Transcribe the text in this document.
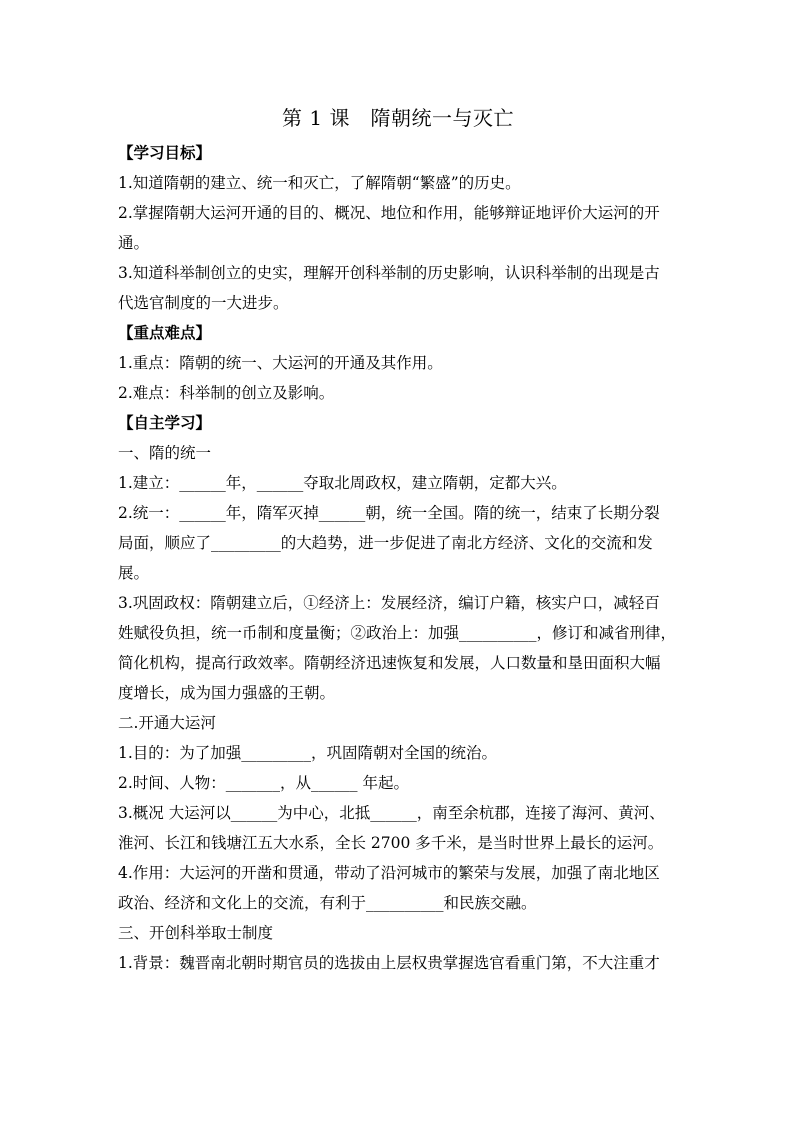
第 1 课　隋朝统一与灭亡
【学习目标】
1.知道隋朝的建立、统一和灭亡，了解隋朝“繁盛”的历史。
2.掌握隋朝大运河开通的目的、概况、地位和作用，能够辩证地评价大运河的开
通。
3.知道科举制创立的史实，理解开创科举制的历史影响，认识科举制的出现是古
代选官制度的一大进步。
【重点难点】
1.重点：隋朝的统一、大运河的开通及其作用。
2.难点：科举制的创立及影响。
【自主学习】
一、隋的统一
1.建立：______年，______夺取北周政权，建立隋朝，定都大兴。
2.统一：______年，隋军灭掉______朝，统一全国。隋的统一，结束了长期分裂
局面，顺应了_________的大趋势，进一步促进了南北方经济、文化的交流和发
展。
3.巩固政权：隋朝建立后，①经济上：发展经济，编订户籍，核实户口，减轻百
姓赋役负担，统一币制和度量衡；②政治上：加强__________，修订和减省刑律，
简化机构，提高行政效率。隋朝经济迅速恢复和发展，人口数量和垦田面积大幅
度增长，成为国力强盛的王朝。
二.开通大运河
1.目的：为了加强_________，巩固隋朝对全国的统治。
2.时间、人物：_______，从______ 年起。
3.概况 大运河以______为中心，北抵______，南至余杭郡，连接了海河、黄河、
淮河、长江和钱塘江五大水系，全长 2700 多千米，是当时世界上最长的运河。
4.作用：大运河的开凿和贯通，带动了沿河城市的繁荣与发展，加强了南北地区
政治、经济和文化上的交流，有利于__________和民族交融。
三、开创科举取士制度
1.背景：魏晋南北朝时期官员的选拔由上层权贵掌握选官看重门第，不大注重才
